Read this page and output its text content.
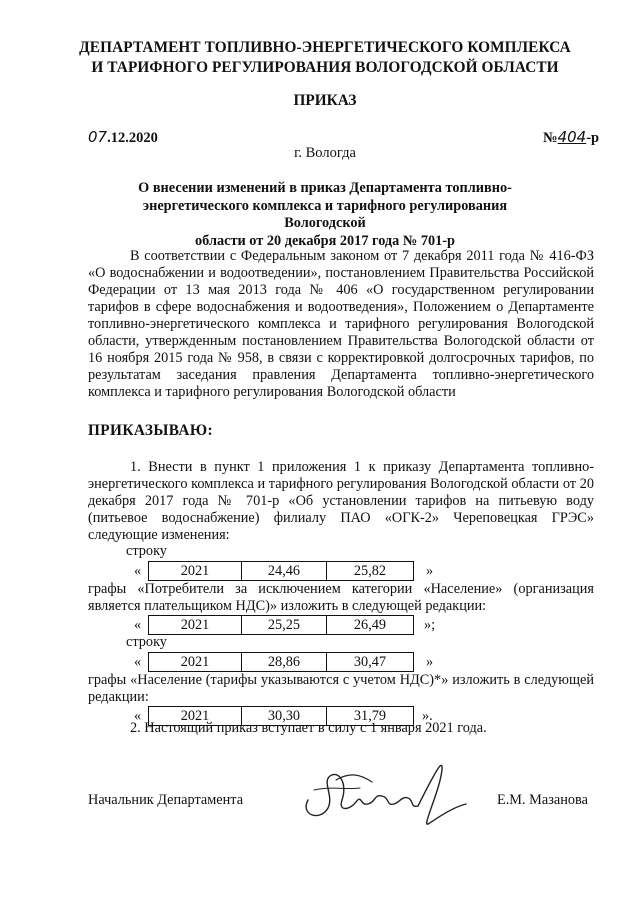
ДЕПАРТАМЕНТ ТОПЛИВНО-ЭНЕРГЕТИЧЕСКОГО КОМПЛЕКСА
И ТАРИФНОГО РЕГУЛИРОВАНИЯ ВОЛОГОДСКОЙ ОБЛАСТИ
ПРИКАЗ
07.12.2020	№404-р
г. Вологда
О внесении изменений в приказ Департамента топливно-
энергетического комплекса и тарифного регулирования Вологодской
области от 20 декабря 2017 года № 701-р
В соответствии с Федеральным законом от 7 декабря 2011 года № 416-ФЗ «О водоснабжении и водоотведении», постановлением Правительства Российской Федерации от 13 мая 2013 года № 406 «О государственном регулировании тарифов в сфере водоснабжения и водоотведения», Положением о Департаменте топливно-энергетического комплекса и тарифного регулирования Вологодской области, утвержденным постановлением Правительства Вологодской области от 16 ноября 2015 года № 958, в связи с корректировкой долгосрочных тарифов, по результатам заседания правления Департамента топливно-энергетического комплекса и тарифного регулирования Вологодской области
ПРИКАЗЫВАЮ:
1. Внести в пункт 1 приложения 1 к приказу Департамента топливно-энергетического комплекса и тарифного регулирования Вологодской области от 20 декабря 2017 года № 701-р «Об установлении тарифов на питьевую воду (питьевое водоснабжение) филиалу ПАО «ОГК-2» Череповецкая ГРЭС» следующие изменения:
строку
«	2021	24,46	25,82	»
графы «Потребители за исключением категории «Население» (организация является плательщиком НДС)» изложить в следующей редакции:
«	2021	25,25	26,49	»;
строку
«	2021	28,86	30,47	»
графы «Население (тарифы указываются с учетом НДС)*» изложить в следующей редакции:
«	2021	30,30	31,79	».
2. Настоящий приказ вступает в силу с 1 января 2021 года.
Начальник Департамента	Е.М. Мазанова
